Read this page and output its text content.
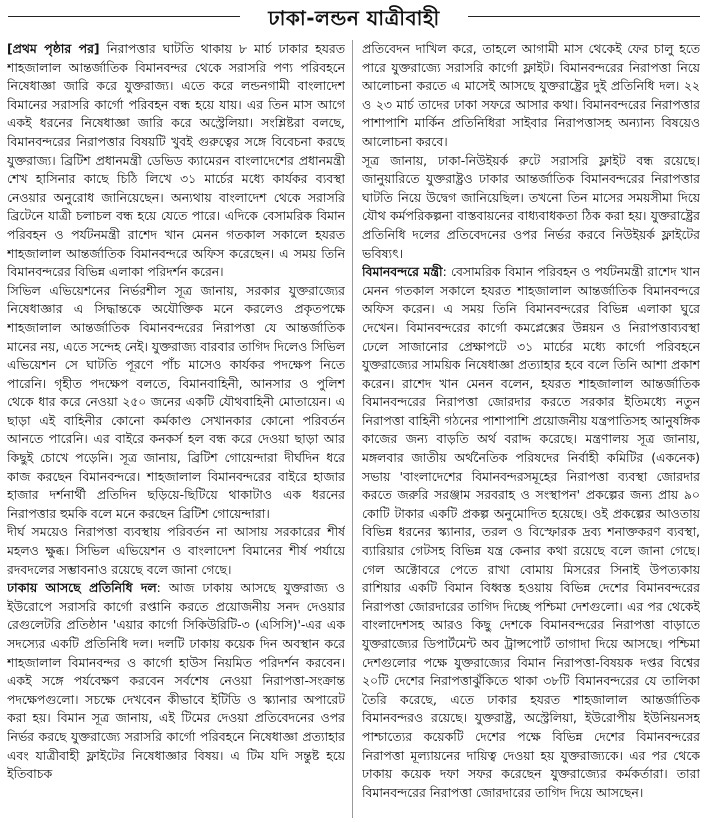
ঢাকা-লন্ডন যাত্রীবাহী

[প্রথম পৃষ্ঠার পর] নিরাপত্তার ঘাটতি থাকায় ৮ মার্চ ঢাকার হযরত শাহজালাল আন্তর্জাতিক বিমানবন্দর থেকে সরাসরি পণ্য পরিবহনে নিষেধাজ্ঞা জারি করে যুক্তরাজ্য। এতে করে লন্ডনগামী বাংলাদেশ বিমানের সরাসরি কার্গো পরিবহন বন্ধ হয়ে যায়। এর তিন মাস আগে একই ধরনের নিষেধাজ্ঞা জারি করে অস্ট্রেলিয়া। সংশ্লিষ্টরা বলছে, বিমানবন্দরের নিরাপত্তার বিষয়টি খুবই গুরুত্বের সঙ্গে বিবেচনা করছে যুক্তরাজ্য। ব্রিটিশ প্রধানমন্ত্রী ডেভিড ক্যামেরন বাংলাদেশের প্রধানমন্ত্রী শেখ হাসিনার কাছে চিঠি লিখে ৩১ মার্চের মধ্যে কার্যকর ব্যবস্থা নেওয়ার অনুরোধ জানিয়েছেন। অন্যথায় বাংলাদেশ থেকে সরাসরি ব্রিটেনে যাত্রী চলাচল বন্ধ হয়ে যেতে পারে। এদিকে বেসামরিক বিমান পরিবহন ও পর্যটনমন্ত্রী রাশেদ খান মেনন গতকাল সকালে হযরত শাহজালাল আন্তর্জাতিক বিমানবন্দরে অফিস করেছেন। এ সময় তিনি বিমানবন্দরের বিভিন্ন এলাকা পরিদর্শন করেন।

সিভিল এভিয়েশনের নির্ভরশীল সূত্র জানায়, সরকার যুক্তরাজ্যের নিষেধাজ্ঞার এ সিদ্ধান্তকে অযৌক্তিক মনে করলেও প্রকৃতপক্ষে শাহজালাল আন্তর্জাতিক বিমানবন্দরের নিরাপত্তা যে আন্তর্জাতিক মানের নয়, এতে সন্দেহ নেই। যুক্তরাজ্য বারবার তাগিদ দিলেও সিভিল এভিয়েশন সে ঘাটতি পূরণে পাঁচ মাসেও কার্যকর পদক্ষেপ নিতে পারেনি। গৃহীত পদক্ষেপ বলতে, বিমানবাহিনী, আনসার ও পুলিশ থেকে ধার করে নেওয়া ২৫০ জনের একটি যৌথবাহিনী মোতায়েন। এ ছাড়া এই বাহিনীর কোনো কর্মকাণ্ড সেখানকার কোনো পরিবর্তন আনতে পারেনি। এর বাইরে কনকর্স হল বন্ধ করে দেওয়া ছাড়া আর কিছুই চোখে পড়েনি। সূত্র জানায়, ব্রিটিশ গোয়েন্দারা দীর্ঘদিন ধরে কাজ করছেন বিমানবন্দরে। শাহজালাল বিমানবন্দরের বাইরে হাজার হাজার দর্শনার্থী প্রতিদিন ছড়িয়ে-ছিটিয়ে থাকাটাও এক ধরনের নিরাপত্তার হুমকি বলে মনে করছেন ব্রিটিশ গোয়েন্দারা।

দীর্ঘ সময়েও নিরাপত্তা ব্যবস্থায় পরিবর্তন না আসায় সরকারের শীর্ষ মহলও ক্ষুব্ধ। সিভিল এভিয়েশন ও বাংলাদেশ বিমানের শীর্ষ পর্যায়ে রদবদলের সম্ভাবনাও রয়েছে বলে জানা গেছে।

ঢাকায় আসছে প্রতিনিধি দল: আজ ঢাকায় আসছে যুক্তরাজ্য ও ইউরোপে সরাসরি কার্গো রপ্তানি করতে প্রয়োজনীয় সনদ দেওয়ার রেগুলেটরি প্রতিষ্ঠান 'এয়ার কার্গো সিকিউরিটি-৩ (এসিসি)'-এর এক সদস্যের একটি প্রতিনিধি দল। দলটি ঢাকায় কয়েক দিন অবস্থান করে শাহজালাল বিমানবন্দর ও কার্গো হাউস নিয়মিত পরিদর্শন করবেন। একই সঙ্গে পর্যবেক্ষণ করবেন সর্বশেষ নেওয়া নিরাপত্তা-সংক্রান্ত পদক্ষেপগুলো। সচক্ষে দেখবেন কীভাবে ইটিডি ও স্ক্যানার অপারেট করা হয়। বিমান সূত্র জানায়, এই টিমের দেওয়া প্রতিবেদনের ওপর নির্ভর করছে যুক্তরাজ্যে সরাসরি কার্গো পরিবহনে নিষেধাজ্ঞা প্রত্যাহার এবং যাত্রীবাহী ফ্লাইটের নিষেধাজ্ঞার বিষয়। এ টিম যদি সন্তুষ্ট হয়ে ইতিবাচক

প্রতিবেদন দাখিল করে, তাহলে আগামী মাস থেকেই ফের চালু হতে পারে যুক্তরাজ্যে সরাসরি কার্গো ফ্লাইট। বিমানবন্দরের নিরাপত্তা নিয়ে আলোচনা করতে এ মাসেই আসছে যুক্তরাষ্ট্রের দুই প্রতিনিধি দল। ২২ ও ২৩ মার্চ তাদের ঢাকা সফরে আসার কথা। বিমানবন্দরের নিরাপত্তার পাশাপাশি মার্কিন প্রতিনিধিরা সাইবার নিরাপত্তাসহ অন্যান্য বিষয়েও আলোচনা করবে।

সূত্র জানায়, ঢাকা-নিউইয়র্ক রুটে সরাসরি ফ্লাইট বন্ধ রয়েছে। জানুয়ারিতে যুক্তরাষ্ট্রও ঢাকার আন্তর্জাতিক বিমানবন্দরের নিরাপত্তার ঘাটতি নিয়ে উদ্বেগ জানিয়েছিল। তখনো তিন মাসের সময়সীমা দিয়ে যৌথ কর্মপরিকল্পনা বাস্তবায়নের বাধ্যবাধকতা ঠিক করা হয়। যুক্তরাষ্ট্রের প্রতিনিধি দলের প্রতিবেদনের ওপর নির্ভর করবে নিউইয়র্ক ফ্লাইটের ভবিষ্যৎ।

বিমানবন্দরে মন্ত্রী: বেসামরিক বিমান পরিবহন ও পর্যটনমন্ত্রী রাশেদ খান মেনন গতকাল সকালে হযরত শাহজালাল আন্তর্জাতিক বিমানবন্দরে অফিস করেন। এ সময় তিনি বিমানবন্দরের বিভিন্ন এলাকা ঘুরে দেখেন। বিমানবন্দরের কার্গো কমপ্লেক্সের উন্নয়ন ও নিরাপত্তাব্যবস্থা ঢেলে সাজানোর প্রেক্ষাপটে ৩১ মার্চের মধ্যে কার্গো পরিবহনে যুক্তরাজ্যের সাময়িক নিষেধাজ্ঞা প্রত্যাহার হবে বলে তিনি আশা প্রকাশ করেন। রাশেদ খান মেনন বলেন, হযরত শাহজালাল আন্তর্জাতিক বিমানবন্দরের নিরাপত্তা জোরদার করতে সরকার ইতিমধ্যে নতুন নিরাপত্তা বাহিনী গঠনের পাশাপাশি প্রয়োজনীয় যন্ত্রপাতিসহ আনুষঙ্গিক কাজের জন্য বাড়তি অর্থ বরাদ্দ করেছে। মন্ত্রণালয় সূত্র জানায়, মঙ্গলবার জাতীয় অর্থনৈতিক পরিষদের নির্বাহী কমিটির (একনেক) সভায় 'বাংলাদেশের বিমানবন্দরসমূহের নিরাপত্তা ব্যবস্থা জোরদার করতে জরুরি সরঞ্জাম সরবরাহ ও সংস্থাপন' প্রকল্পের জন্য প্রায় ৯০ কোটি টাকার একটি প্রকল্প অনুমোদিত হয়েছে। ওই প্রকল্পের আওতায় বিভিন্ন ধরনের স্ক্যানার, তরল ও বিস্ফোরক দ্রব্য শনাক্তকরণ ব্যবস্থা, ব্যারিয়ার গেটসহ বিভিন্ন যন্ত্র কেনার কথা রয়েছে বলে জানা গেছে। গেল অক্টোবরে পেতে রাখা বোমায় মিসরের সিনাই উপত্যকায় রাশিয়ার একটি বিমান বিধ্বস্ত হওয়ায় বিভিন্ন দেশের বিমানবন্দরের নিরাপত্তা জোরদারের তাগিদ দিচ্ছে পশ্চিমা দেশগুলো। এর পর থেকেই বাংলাদেশসহ আরও কিছু দেশকে বিমানবন্দরের নিরাপত্তা বাড়াতে যুক্তরাজ্যের ডিপার্টমেন্ট অব ট্রান্সপোর্ট তাগাদা দিয়ে আসছে। পশ্চিমা দেশগুলোর পক্ষে যুক্তরাজ্যের বিমান নিরাপত্তা-বিষয়ক দপ্তর বিশ্বের ২০টি দেশের নিরাপত্তাঝুঁকিতে থাকা ৩৮টি বিমানবন্দরের যে তালিকা তৈরি করেছে, এতে ঢাকার হযরত শাহজালাল আন্তর্জাতিক বিমানবন্দরও রয়েছে। যুক্তরাষ্ট্র, অস্ট্রেলিয়া, ইউরোপীয় ইউনিয়নসহ পাশ্চাত্যের কয়েকটি দেশের পক্ষে বিভিন্ন দেশের বিমানবন্দরের নিরাপত্তা মূল্যায়নের দায়িত্ব দেওয়া হয় যুক্তরাজ্যকে। এর পর থেকে ঢাকায় কয়েক দফা সফর করেছেন যুক্তরাজ্যের কর্মকর্তারা। তারা বিমানবন্দরের নিরাপত্তা জোরদারের তাগিদ দিয়ে আসছেন।
